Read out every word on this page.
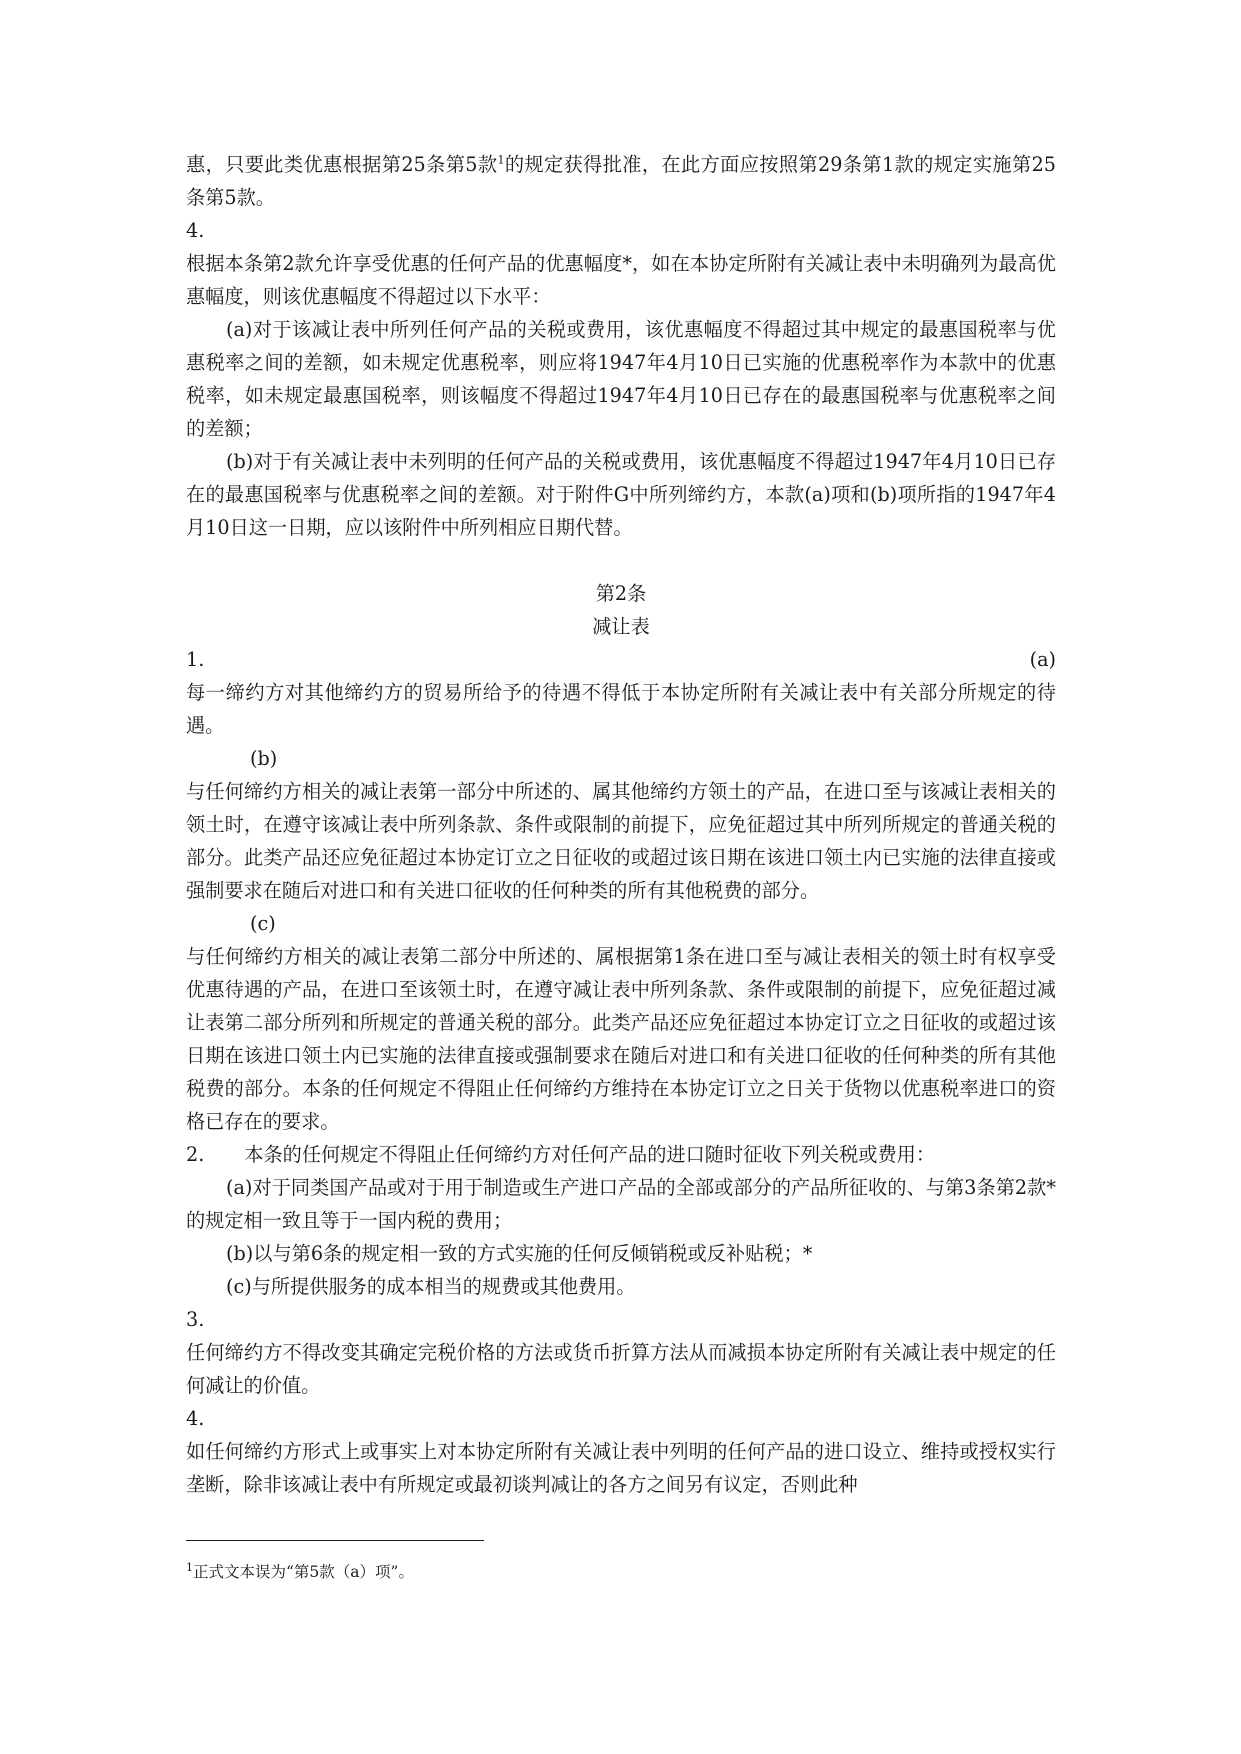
惠，只要此类优惠根据第25条第5款$^1$的规定获得批准，在此方面应按照第29条第1款的规定实施第25条第5款。

4.

根据本条第2款允许享受优惠的任何产品的优惠幅度*，如在本协定所附有关减让表中未明确列为最高优惠幅度，则该优惠幅度不得超过以下水平：

(a)对于该减让表中所列任何产品的关税或费用，该优惠幅度不得超过其中规定的最惠国税率与优惠税率之间的差额，如未规定优惠税率，则应将1947年4月10日已实施的优惠税率作为本款中的优惠税率，如未规定最惠国税率，则该幅度不得超过1947年4月10日已存在的最惠国税率与优惠税率之间的差额；

(b)对于有关减让表中未列明的任何产品的关税或费用，该优惠幅度不得超过1947年4月10日已存在的最惠国税率与优惠税率之间的差额。对于附件G中所列缔约方，本款(a)项和(b)项所指的1947年4月10日这一日期，应以该附件中所列相应日期代替。

第2条

减让表

1.	(a)

每一缔约方对其他缔约方的贸易所给予的待遇不得低于本协定所附有关减让表中有关部分所规定的待遇。

(b)

与任何缔约方相关的减让表第一部分中所述的、属其他缔约方领土的产品，在进口至与该减让表相关的领土时，在遵守该减让表中所列条款、条件或限制的前提下，应免征超过其中所列所规定的普通关税的部分。此类产品还应免征超过本协定订立之日征收的或超过该日期在该进口领土内已实施的法律直接或强制要求在随后对进口和有关进口征收的任何种类的所有其他税费的部分。

(c)

与任何缔约方相关的减让表第二部分中所述的、属根据第1条在进口至与减让表相关的领土时有权享受优惠待遇的产品，在进口至该领土时，在遵守减让表中所列条款、条件或限制的前提下，应免征超过减让表第二部分所列和所规定的普通关税的部分。此类产品还应免征超过本协定订立之日征收的或超过该日期在该进口领土内已实施的法律直接或强制要求在随后对进口和有关进口征收的任何种类的所有其他税费的部分。本条的任何规定不得阻止任何缔约方维持在本协定订立之日关于货物以优惠税率进口的资格已存在的要求。

2. 本条的任何规定不得阻止任何缔约方对任何产品的进口随时征收下列关税或费用：

(a)对于同类国产品或对于用于制造或生产进口产品的全部或部分的产品所征收的、与第3条第2款*的规定相一致且等于一国内税的费用；

(b)以与第6条的规定相一致的方式实施的任何反倾销税或反补贴税；*

(c)与所提供服务的成本相当的规费或其他费用。

3.

任何缔约方不得改变其确定完税价格的方法或货币折算方法从而减损本协定所附有关减让表中规定的任何减让的价值。

4.

如任何缔约方形式上或事实上对本协定所附有关减让表中列明的任何产品的进口设立、维持或授权实行垄断，除非该减让表中有所规定或最初谈判减让的各方之间另有议定，否则此种

$^1$正式文本误为“第5款（a）项”。
